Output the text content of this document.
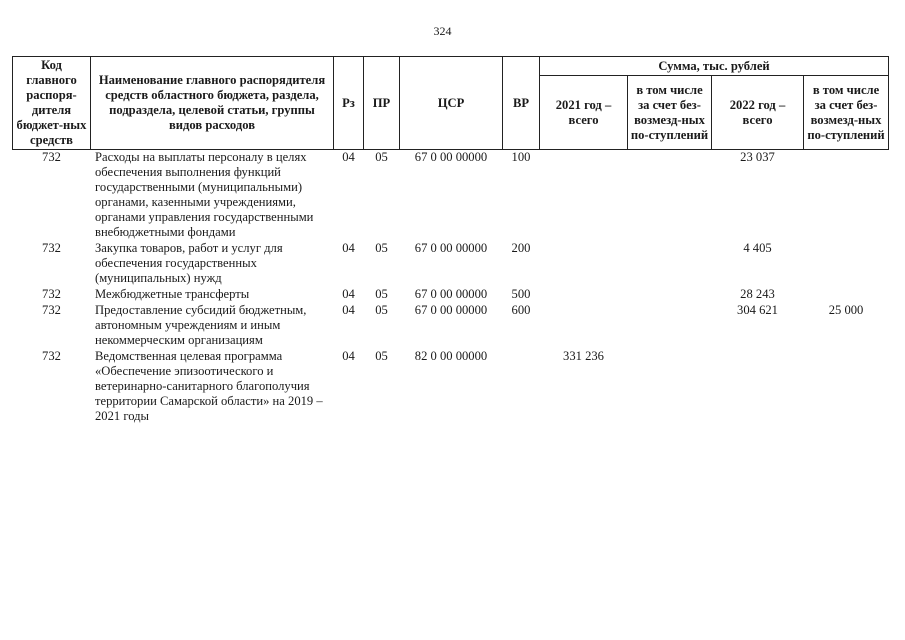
324
Код главного распоря-дителя бюджет-ных средств	Наименование главного распорядителя средств областного бюджета, раздела, подраздела, целевой статьи, группы видов расходов	Рз	ПР	ЦСР	ВР	Сумма, тыс. рублей			
						2021 год – всего	в том числе за счет без-возмезд-ных по-ступлений	2022 год – всего	в том числе за счет без-возмезд-ных по-ступлений
732	Расходы на выплаты персоналу в целях обеспечения выполнения функций государственными (муниципальными) органами, казенными учреждениями, органами управления государственными внебюджетными фондами	04	05	67 0 00 00000	100			23 037	
732	Закупка товаров, работ и услуг для обеспечения государственных (муниципальных) нужд	04	05	67 0 00 00000	200			4 405	
732	Межбюджетные трансферты	04	05	67 0 00 00000	500			28 243	
732	Предоставление субсидий бюджетным, автономным учреждениям и иным некоммерческим организациям	04	05	67 0 00 00000	600			304 621	25 000
732	Ведомственная целевая программа «Обеспечение эпизоотического и ветеринарно-санитарного благополучия территории Самарской области» на 2019 – 2021 годы	04	05	82 0 00 00000		331 236			
